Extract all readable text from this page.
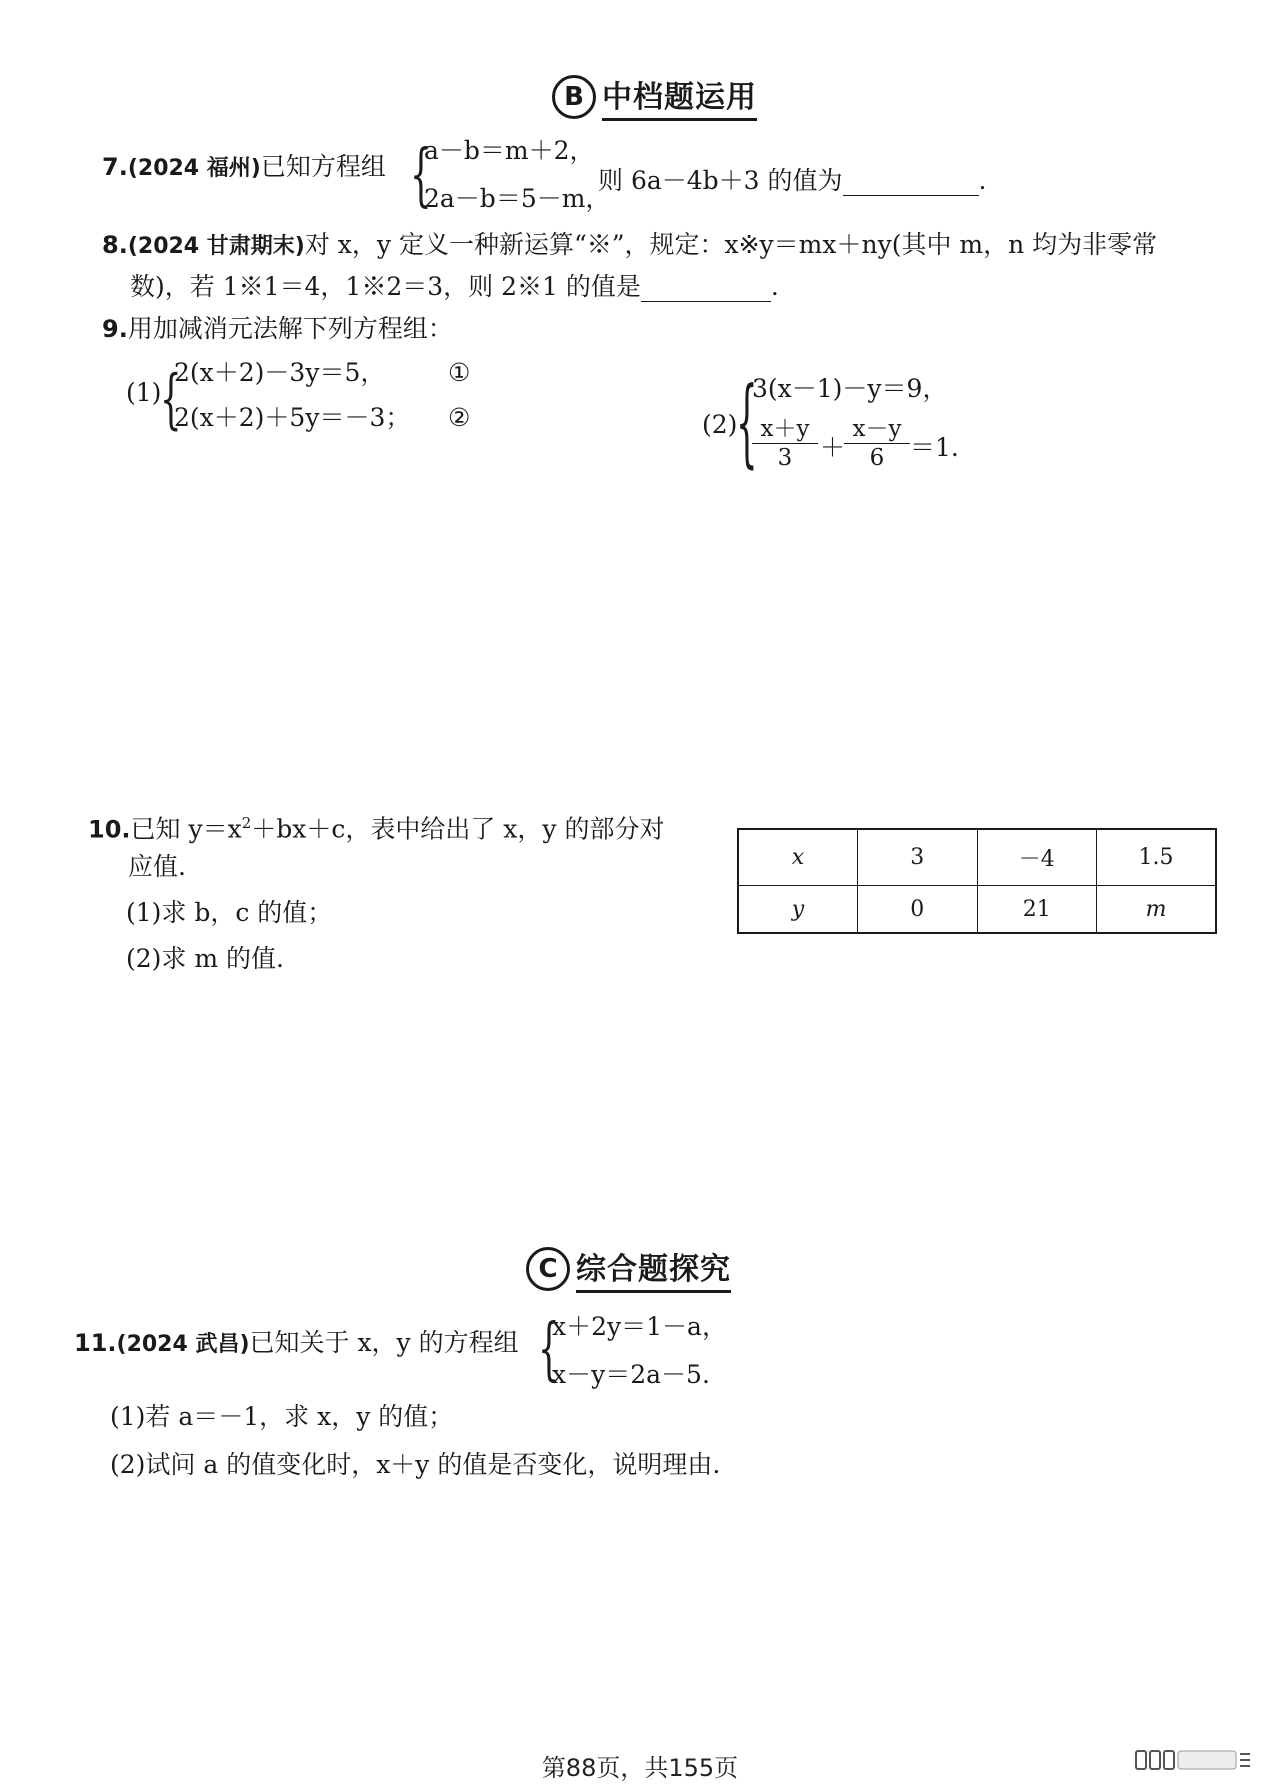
B 中档题运用
7.(2024 福州)已知方程组 {
a－b＝m＋2，
2a－b＝5－m，
则 6a－4b＋3 的值为	.
8.(2024 甘肃期末)对 x，y 定义一种新运算“※”，规定：x※y＝mx＋ny(其中 m，n 均为非零常
数)，若 1※1＝4，1※2＝3，则 2※1 的值是	.
9.用加减消元法解下列方程组：
(1)
{
2(x＋2)－3y＝5，	①
2(x＋2)＋5y＝－3； ②	(2)
{
3(x－1)－y＝9，
x＋y
3 ＋
x－y
6 ＝1.
10.已知 $y=x^2+bx+c$，表中给出了 x，y 的部分对
应值.
(1)求 b，c 的值；
(2)求 m 的值.
x	3	－4	1.5
y	0	21	m
C 综合题探究
11.(2024 武昌)已知关于 x，y 的方程组 {
x＋2y＝1－a，
x－y＝2a－5.
(1)若 a＝－1，求 x，y 的值；
(2)试问 a 的值变化时，x＋y 的值是否变化，说明理由.
第88页，共155页
